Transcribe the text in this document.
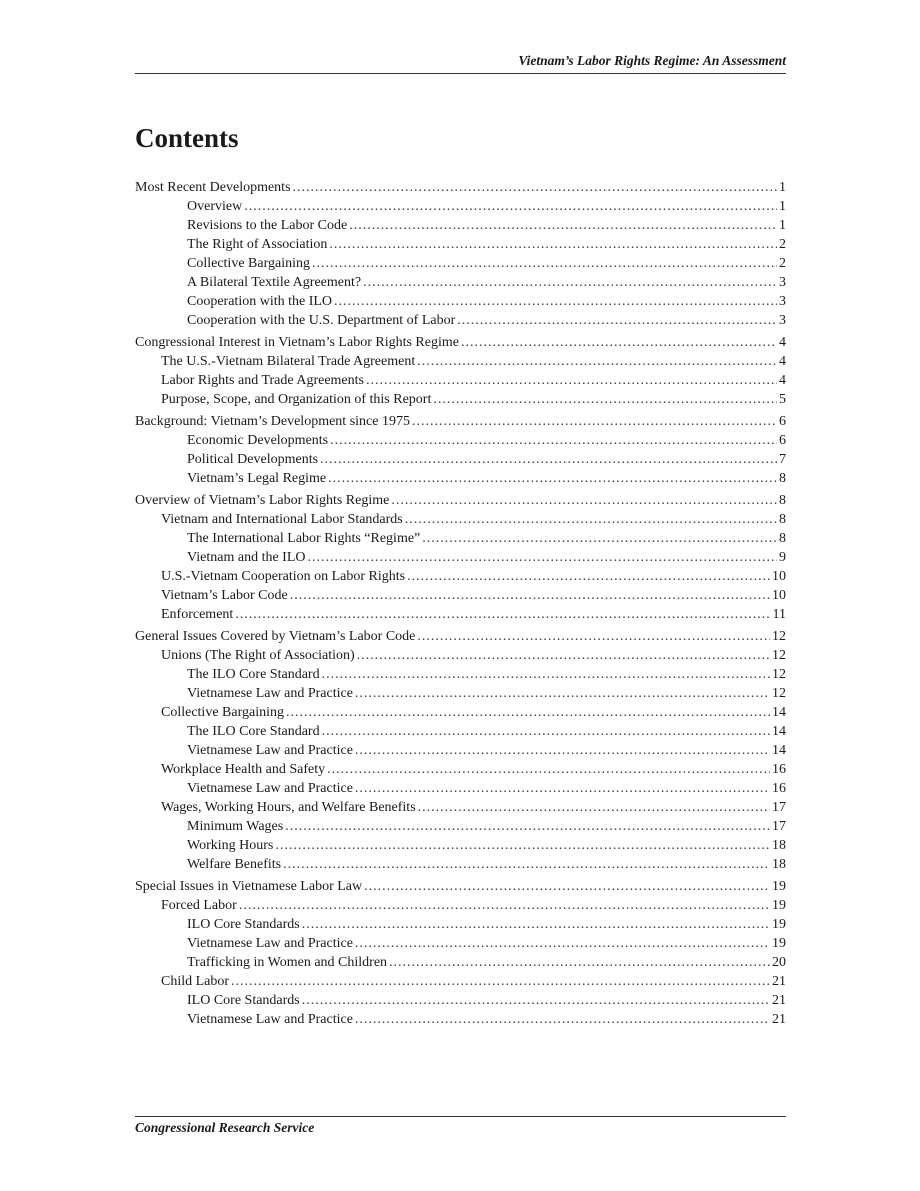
Vietnam’s Labor Rights Regime: An Assessment
Contents
Most Recent Developments .....	1
Overview .....	1
Revisions to the Labor Code .....	1
The Right of Association .....	2
Collective Bargaining .....	2
A Bilateral Textile Agreement? .....	3
Cooperation with the ILO .....	3
Cooperation with the U.S. Department of Labor .....	3
Congressional Interest in Vietnam’s Labor Rights Regime .....	4
The U.S.-Vietnam Bilateral Trade Agreement .....	4
Labor Rights and Trade Agreements .....	4
Purpose, Scope, and Organization of this Report .....	5
Background: Vietnam’s Development since 1975 .....	6
Economic Developments .....	6
Political Developments .....	7
Vietnam’s Legal Regime .....	8
Overview of Vietnam’s Labor Rights Regime .....	8
Vietnam and International Labor Standards .....	8
The International Labor Rights “Regime” .....	8
Vietnam and the ILO .....	9
U.S.-Vietnam Cooperation on Labor Rights .....	10
Vietnam’s Labor Code .....	10
Enforcement .....	11
General Issues Covered by Vietnam’s Labor Code .....	12
Unions (The Right of Association) .....	12
The ILO Core Standard .....	12
Vietnamese Law and Practice .....	12
Collective Bargaining .....	14
The ILO Core Standard .....	14
Vietnamese Law and Practice .....	14
Workplace Health and Safety .....	16
Vietnamese Law and Practice .....	16
Wages, Working Hours, and Welfare Benefits .....	17
Minimum Wages .....	17
Working Hours .....	18
Welfare Benefits .....	18
Special Issues in Vietnamese Labor Law .....	19
Forced Labor .....	19
ILO Core Standards .....	19
Vietnamese Law and Practice .....	19
Trafficking in Women and Children .....	20
Child Labor .....	21
ILO Core Standards .....	21
Vietnamese Law and Practice .....	21
Congressional Research Service
